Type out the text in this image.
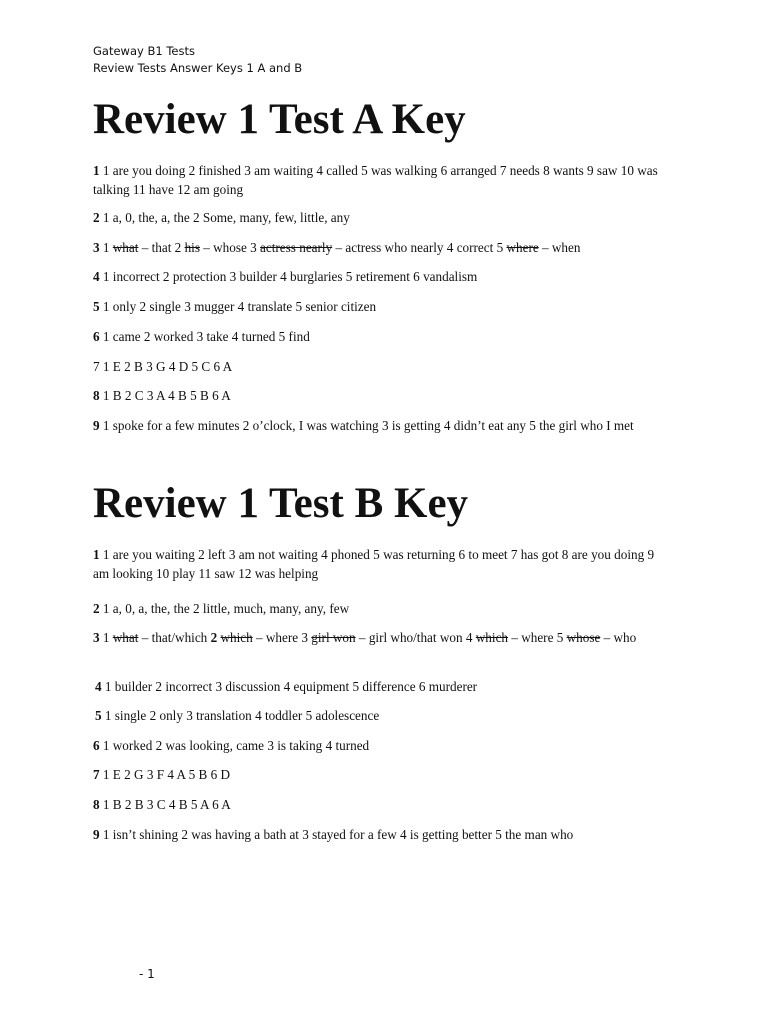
Gateway B1 Tests
Review Tests Answer Keys 1 A and B
Review 1 Test A Key
1 1 are you doing 2 finished 3 am waiting 4 called 5 was walking 6 arranged 7 needs 8 wants 9 saw 10 was talking 11 have 12 am going
2 1 a, 0, the, a, the 2 Some, many, few, little, any
3 1 what – that 2 his – whose 3 actress nearly – actress who nearly 4 correct 5 where – when
4 1 incorrect 2 protection 3 builder 4 burglaries 5 retirement 6 vandalism
5 1 only 2 single 3 mugger 4 translate 5 senior citizen
6 1 came 2 worked 3 take 4 turned 5 find
7 1 E 2 B 3 G 4 D 5 C 6 A
8 1 B 2 C 3 A 4 B 5 B 6 A
9 1 spoke for a few minutes 2 o’clock, I was watching 3 is getting 4 didn’t eat any 5 the girl who I met
Review 1 Test B Key
1 1 are you waiting 2 left 3 am not waiting 4 phoned 5 was returning 6 to meet 7 has got 8 are you doing 9 am looking 10 play 11 saw 12 was helping
2 1 a, 0, a, the, the 2 little, much, many, any, few
3 1 what – that/which 2 which – where 3 girl won – girl who/that won 4 which – where 5 whose – who
4 1 builder 2 incorrect 3 discussion 4 equipment 5 difference 6 murderer
5 1 single 2 only 3 translation 4 toddler 5 adolescence
6 1 worked 2 was looking, came 3 is taking 4 turned
7 1 E 2 G 3 F 4 A 5 B 6 D
8 1 B 2 B 3 C 4 B 5 A 6 A
9 1 isn’t shining 2 was having a bath at 3 stayed for a few 4 is getting better 5 the man who
- 1
